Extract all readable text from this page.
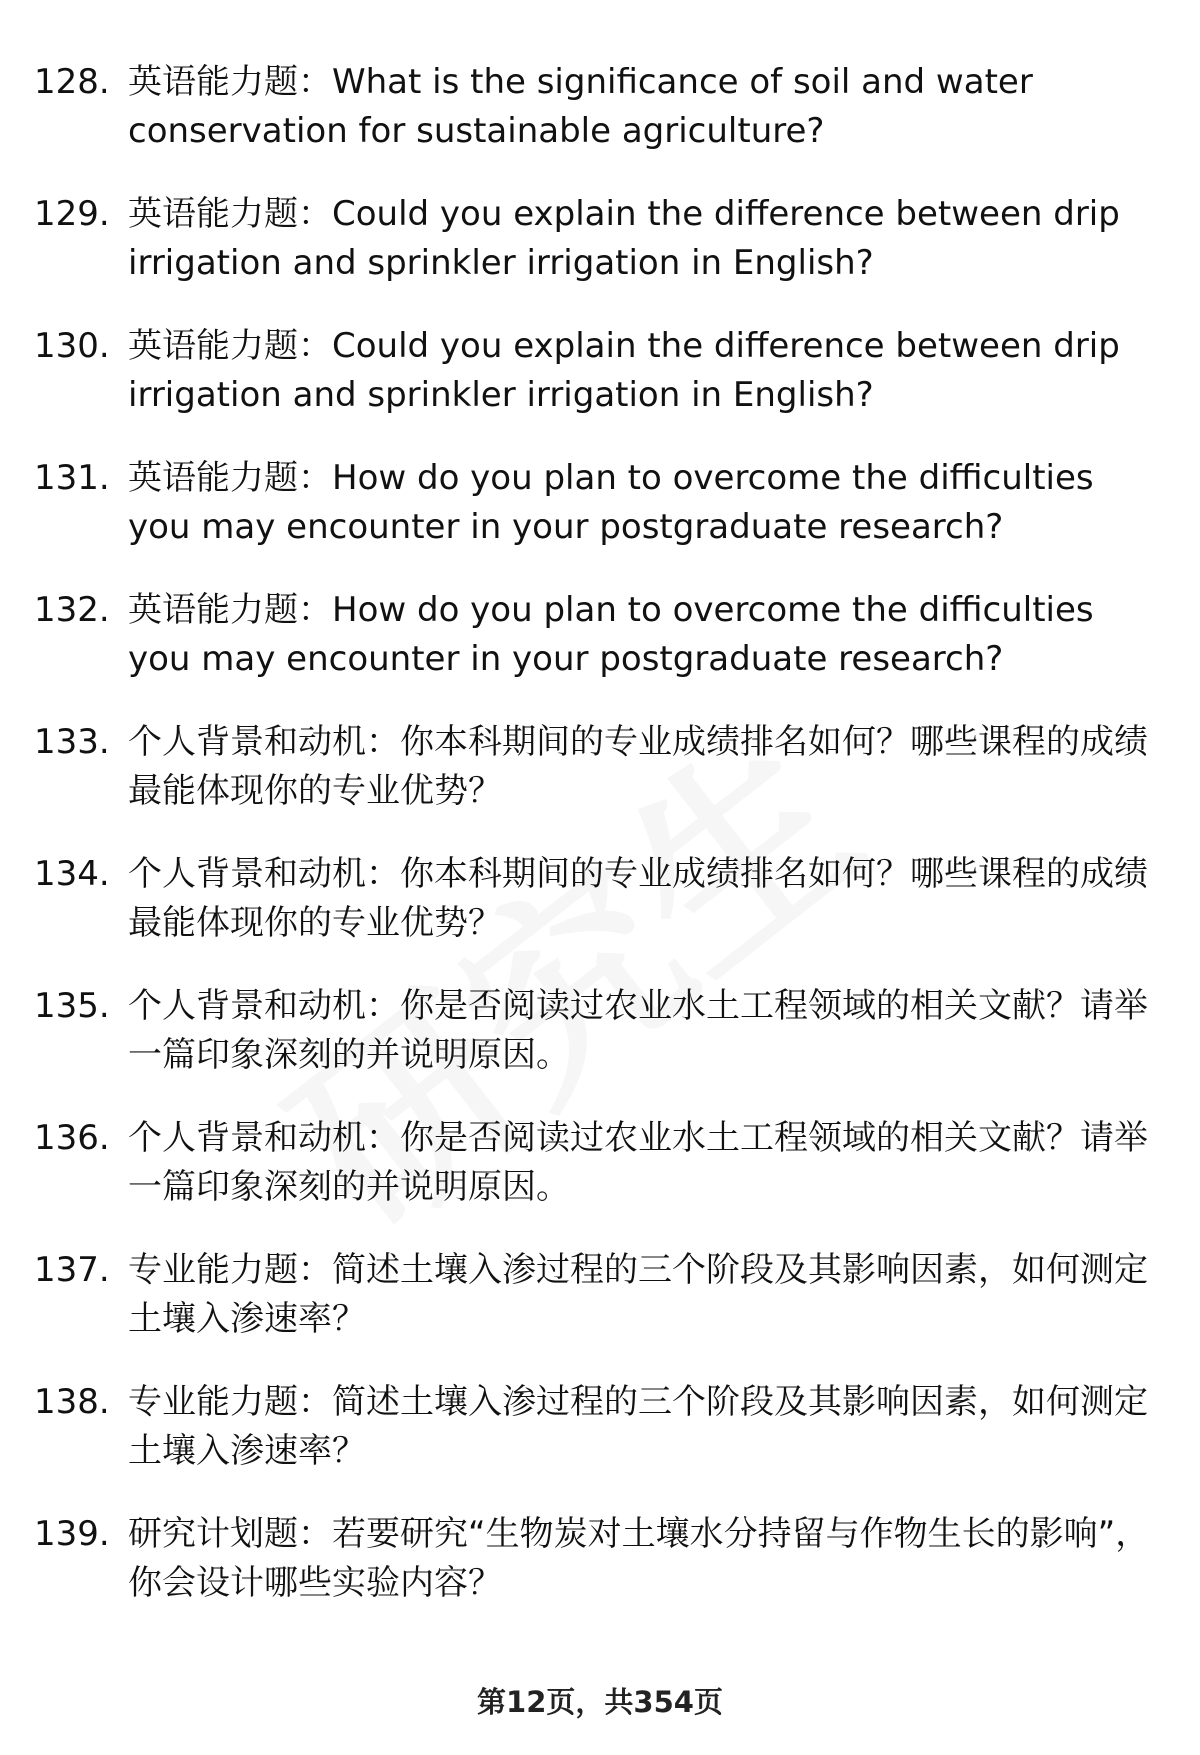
128. 英语能力题：What is the significance of soil and water conservation for sustainable agriculture?
129. 英语能力题：Could you explain the difference between drip irrigation and sprinkler irrigation in English?
130. 英语能力题：Could you explain the difference between drip irrigation and sprinkler irrigation in English?
131. 英语能力题：How do you plan to overcome the difficulties you may encounter in your postgraduate research?
132. 英语能力题：How do you plan to overcome the difficulties you may encounter in your postgraduate research?
133. 个人背景和动机：你本科期间的专业成绩排名如何？哪些课程的成绩最能体现你的专业优势？
134. 个人背景和动机：你本科期间的专业成绩排名如何？哪些课程的成绩最能体现你的专业优势？
135. 个人背景和动机：你是否阅读过农业水土工程领域的相关文献？请举一篇印象深刻的并说明原因。
136. 个人背景和动机：你是否阅读过农业水土工程领域的相关文献？请举一篇印象深刻的并说明原因。
137. 专业能力题：简述土壤入渗过程的三个阶段及其影响因素，如何测定土壤入渗速率？
138. 专业能力题：简述土壤入渗过程的三个阶段及其影响因素，如何测定土壤入渗速率？
139. 研究计划题：若要研究“生物炭对土壤水分持留与作物生长的影响”，你会设计哪些实验内容？
第12页，共354页
